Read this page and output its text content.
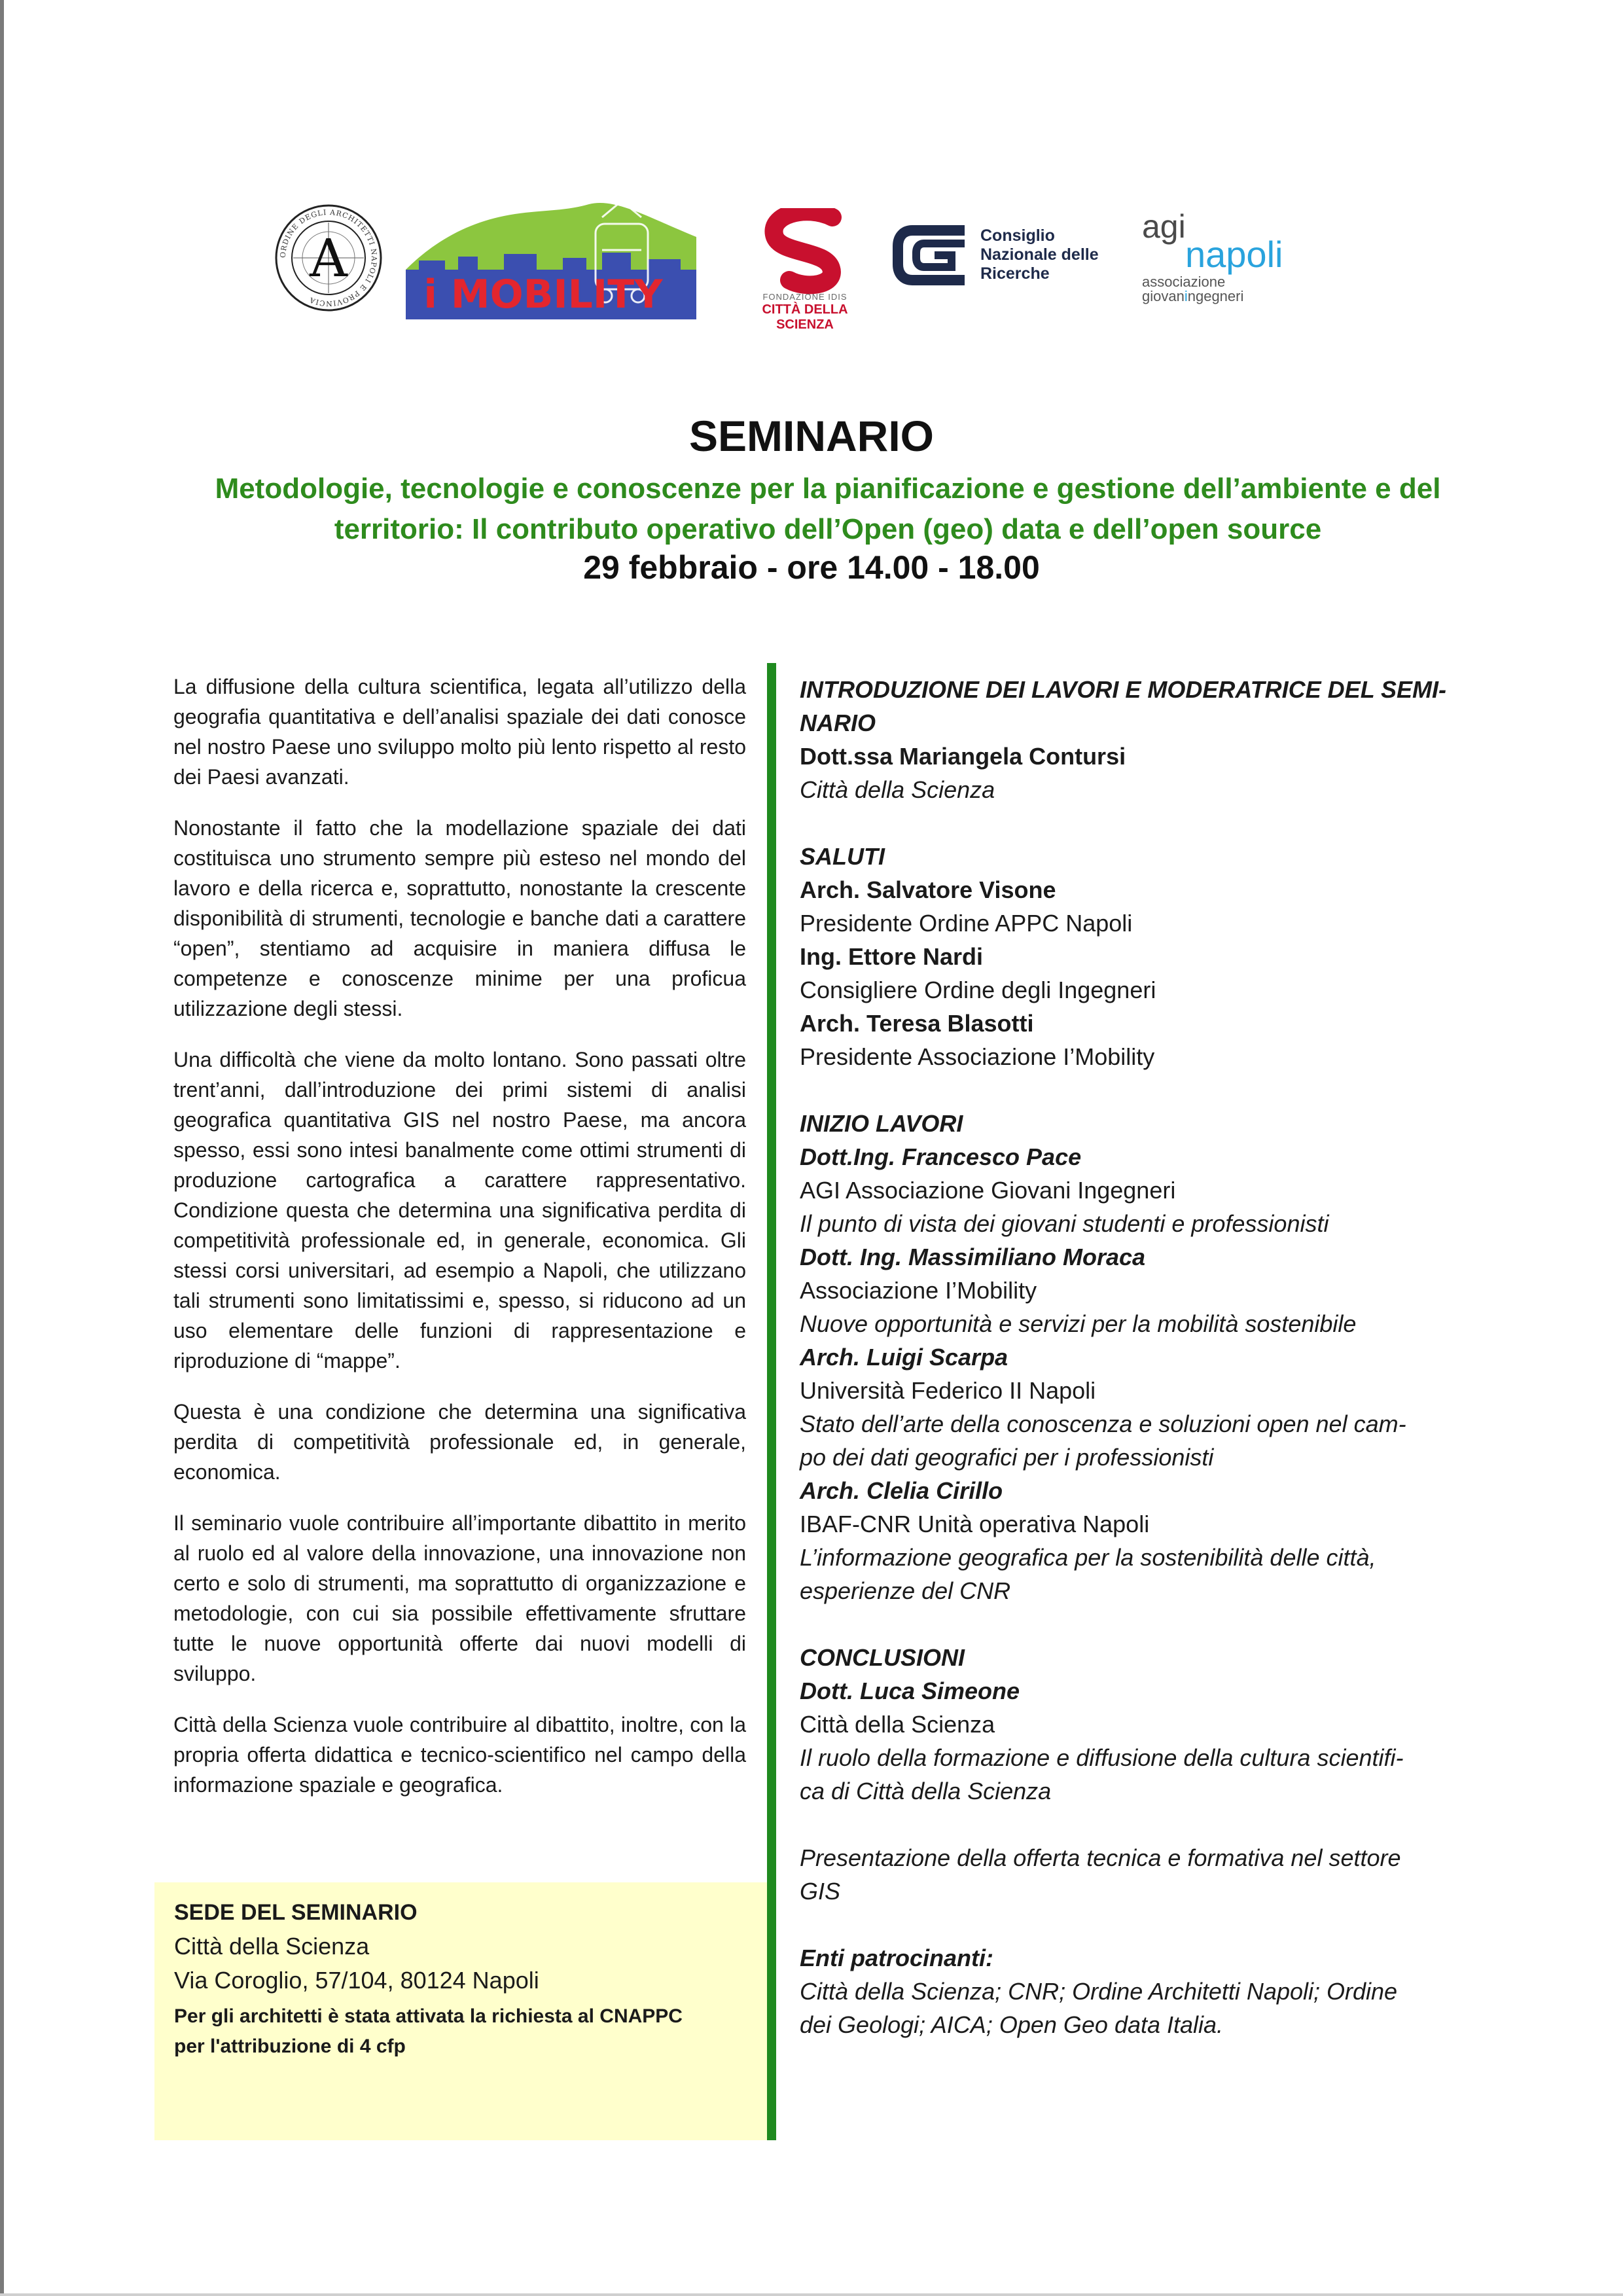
ORDINE DEGLI ARCHITETTI NAPOLI E PROVINCIA
A
i MOBILITY	FONDAZIONE IDIS
CITTÀ DELLA SCIENZA
Consiglio
Nazionale delle
Ricerche
agi
napoli
associazione
giovaningegneri
SEMINARIO
Metodologie, tecnologie e conoscenze per la pianificazione e gestione dell’ambiente e del
territorio: Il contributo operativo dell’Open (geo) data e dell’open source
29 febbraio - ore 14.00 - 18.00

La diffusione della cultura scientifica, legata all’utilizzo della geografia quantitativa e dell’analisi spaziale dei dati conosce nel nostro Paese uno sviluppo molto più lento rispetto al resto dei Paesi avanzati.

Nonostante il fatto che la modellazione spaziale dei dati costituisca uno strumento sempre più esteso nel mondo del lavoro e della ricerca e, soprattutto, nonostante la crescente disponibilità di strumenti, tecnologie e banche dati a carattere “open”, stentiamo ad acquisire in maniera diffusa le competenze e conoscenze minime per una proficua utilizzazione degli stessi.

Una difficoltà che viene da molto lontano. Sono passati oltre trent’anni, dall’introduzione dei primi sistemi di analisi geografica quantitativa GIS nel nostro Paese, ma ancora spesso, essi sono intesi banalmente come ottimi strumenti di produzione cartografica a carattere rappresentativo. Condizione questa che determina una significativa perdita di competitività professionale ed, in generale, economica. Gli stessi corsi universitari, ad esempio a Napoli, che utilizzano tali strumenti sono limitatissimi e, spesso, si riducono ad un uso elementare delle funzioni di rappresentazione e riproduzione di “mappe”.

Questa è una condizione che determina una significativa perdita di competitività professionale ed, in generale, economica.

Il seminario vuole contribuire all’importante dibattito in merito al ruolo ed al valore della innovazione, una innovazione non certo e solo di strumenti, ma soprattutto di organizzazione e metodologie, con cui sia possibile effettivamente sfruttare tutte le nuove opportunità offerte dai nuovi modelli di sviluppo.

Città della Scienza vuole contribuire al dibattito, inoltre, con la propria offerta didattica e tecnico-scientifico nel campo della informazione spaziale e geografica.

SEDE DEL SEMINARIO
Città della Scienza
Via Coroglio, 57/104, 80124 Napoli
Per gli architetti è stata attivata la richiesta al CNAPPC
per l'attribuzione di 4 cfp
INTRODUZIONE DEI LAVORI E MODERATRICE DEL SEMI-
NARIO
Dott.ssa Mariangela Contursi
Città della Scienza
SALUTI
Arch. Salvatore Visone
Presidente Ordine APPC Napoli
Ing. Ettore Nardi
Consigliere Ordine degli Ingegneri
Arch. Teresa Blasotti
Presidente Associazione I’Mobility
INIZIO LAVORI
Dott.Ing. Francesco Pace
AGI Associazione Giovani Ingegneri
Il punto di vista dei giovani studenti e professionisti
Dott. Ing. Massimiliano Moraca
Associazione I’Mobility
Nuove opportunità e servizi per la mobilità sostenibile
Arch. Luigi Scarpa
Università Federico II Napoli
Stato dell’arte della conoscenza e soluzioni open nel cam-
po dei dati geografici per i professionisti
Arch. Clelia Cirillo
IBAF-CNR Unità operativa Napoli
L’informazione geografica per la sostenibilità delle città,
esperienze del CNR
CONCLUSIONI
Dott. Luca Simeone
Città della Scienza
Il ruolo della formazione e diffusione della cultura scientifi-
ca di Città della Scienza
Presentazione della offerta tecnica e formativa nel settore
GIS
Enti patrocinanti:
Città della Scienza; CNR; Ordine Architetti Napoli; Ordine
dei Geologi; AICA; Open Geo data Italia.
